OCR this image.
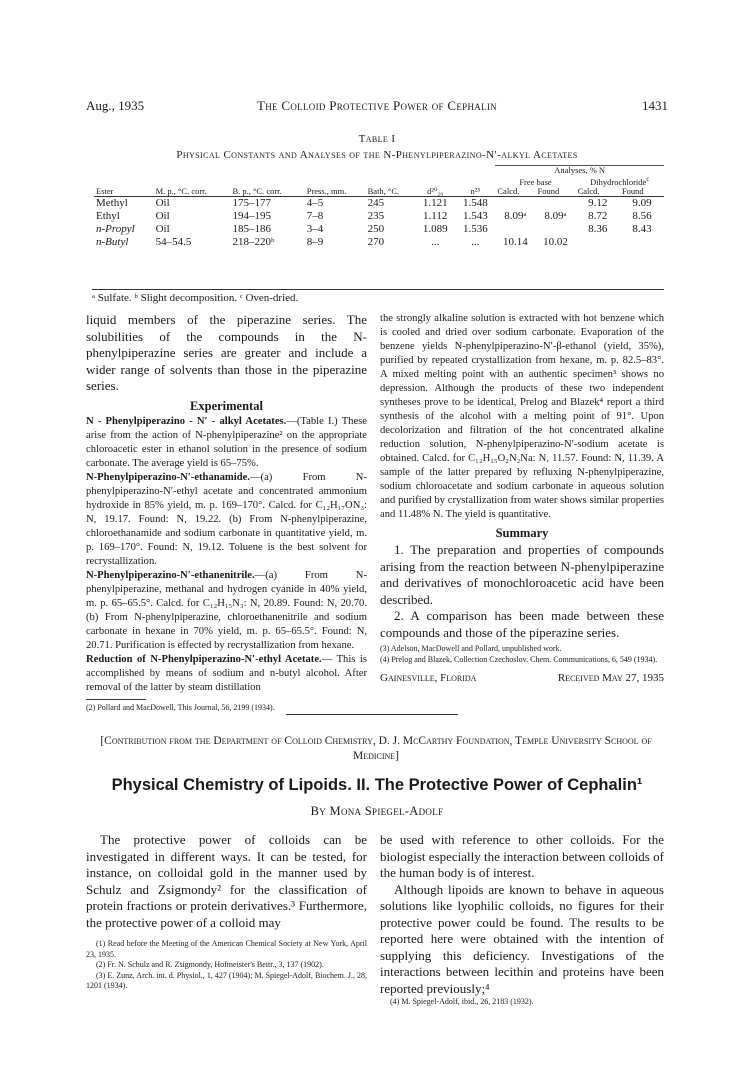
Aug., 1935	The Colloid Protective Power of Cephalin	1431
Table I
Physical Constants and Analyses of the N-Phenylpiperazino-N′-alkyl Acetates
							Analyses, % N			
							Free base		Dihydrochloride$^c$
Ester	M. p., °C. corr.	B. p., °C. corr.	Press., mm.	Bath, °C.	d²⁰₂₀	n²⁵	Calcd.	Found	Calcd.	Found

Methyl	Oil	175–177	4–5	245	1.121	1.548			9.12	9.09
Ethyl	Oil	194–195	7–8	235	1.112	1.543	8.09ᵃ	8.09ᵃ	8.72	8.56
n-Propyl	Oil	185–186	3–4	250	1.089	1.536			8.36	8.43
n-Butyl	54–54.5	218–220ᵇ	8–9	270	...	...	10.14	10.02		
ᵃ Sulfate. ᵇ Slight decomposition. ᶜ Oven-dried.

liquid members of the piperazine series. The solubilities of the compounds in the N-phenylpiperazine series are greater and include a wider range of solvents than those in the piperazine series.

Experimental

N - Phenylpiperazino - N′ - alkyl Acetates.—(Table I.) These arise from the action of N-phenylpiperazine² on the appropriate chloroacetic ester in ethanol solution in the presence of sodium carbonate. The average yield is 65–75%.

N-Phenylpiperazino-N′-ethanamide.—(a) From N-phenylpiperazino-N′-ethyl acetate and concentrated ammonium hydroxide in 85% yield, m. p. 169–170°. Calcd. for C₁₂H₁₇ON₃: N, 19.17. Found: N, 19.22. (b) From N-phenylpiperazine, chloroethanamide and sodium carbonate in quantitative yield, m. p. 169–170°. Found: N, 19.12. Toluene is the best solvent for recrystallization.

N-Phenylpiperazino-N′-ethanenitrile.—(a) From N-phenylpiperazine, methanal and hydrogen cyanide in 40% yield, m. p. 65–65.5°. Calcd. for C₁₂H₁₅N₃: N, 20.89. Found: N, 20.70. (b) From N-phenylpiperazine, chloroethanenitrile and sodium carbonate in hexane in 70% yield, m. p. 65–65.5°. Found: N, 20.71. Purification is effected by recrystallization from hexane.

Reduction of N-Phenylpiperazino-N′-ethyl Acetate.— This is accomplished by means of sodium and n-butyl alcohol. After removal of the latter by steam distillation

(2) Pollard and MacDowell, This Journal, 56, 2199 (1934).

the strongly alkaline solution is extracted with hot benzene which is cooled and dried over sodium carbonate. Evaporation of the benzene yields N-phenylpiperazino-N′-β-ethanol (yield, 35%), purified by repeated crystallization from hexane, m. p. 82.5–83°. A mixed melting point with an authentic specimen³ shows no depression. Although the products of these two independent syntheses prove to be identical, Prelog and Blazek⁴ report a third synthesis of the alcohol with a melting point of 91°. Upon decolorization and filtration of the hot concentrated alkaline reduction solution, N-phenylpiperazino-N′-sodium acetate is obtained. Calcd. for C₁₂H₁₅O₂N₂Na: N, 11.57. Found: N, 11.39. A sample of the latter prepared by refluxing N-phenylpiperazine, sodium chloroacetate and sodium carbonate in aqueous solution and purified by crystallization from water shows similar properties and 11.48% N. The yield is quantitative.

Summary

1. The preparation and properties of compounds arising from the reaction between N-phenylpiperazine and derivatives of monochloroacetic acid have been described.

2. A comparison has been made between these compounds and those of the piperazine series.

(3) Adelson, MacDowell and Pollard, unpublished work.

(4) Prelog and Blazek, Collection Czechoslov. Chem. Communications, 6, 549 (1934).

Gainesville, Florida	Received May 27, 1935
[Contribution from the Department of Colloid Chemistry, D. J. McCarthy Foundation, Temple University School of Medicine]
Physical Chemistry of Lipoids. II. The Protective Power of Cephalin¹
By Mona Spiegel-Adolf

The protective power of colloids can be investigated in different ways. It can be tested, for instance, on colloidal gold in the manner used by Schulz and Zsigmondy² for the classification of protein fractions or protein derivatives.³ Furthermore, the protective power of a colloid may

(1) Read before the Meeting of the American Chemical Society at New York, April 23, 1935.

(2) Fr. N. Schulz and R. Zsigmondy, Hofmeister's Beitr., 3, 137 (1902).

(3) E. Zunz, Arch. int. d. Physiol., 1, 427 (1904); M. Spiegel-Adolf, Biochem. J., 28, 1201 (1934).

be used with reference to other colloids. For the biologist especially the interaction between colloids of the human body is of interest.

Although lipoids are known to behave in aqueous solutions like lyophilic colloids, no figures for their protective power could be found. The results to be reported here were obtained with the intention of supplying this deficiency. Investigations of the interactions between lecithin and proteins have been reported previously;⁴

(4) M. Spiegel-Adolf, ibid., 26, 2183 (1932).
